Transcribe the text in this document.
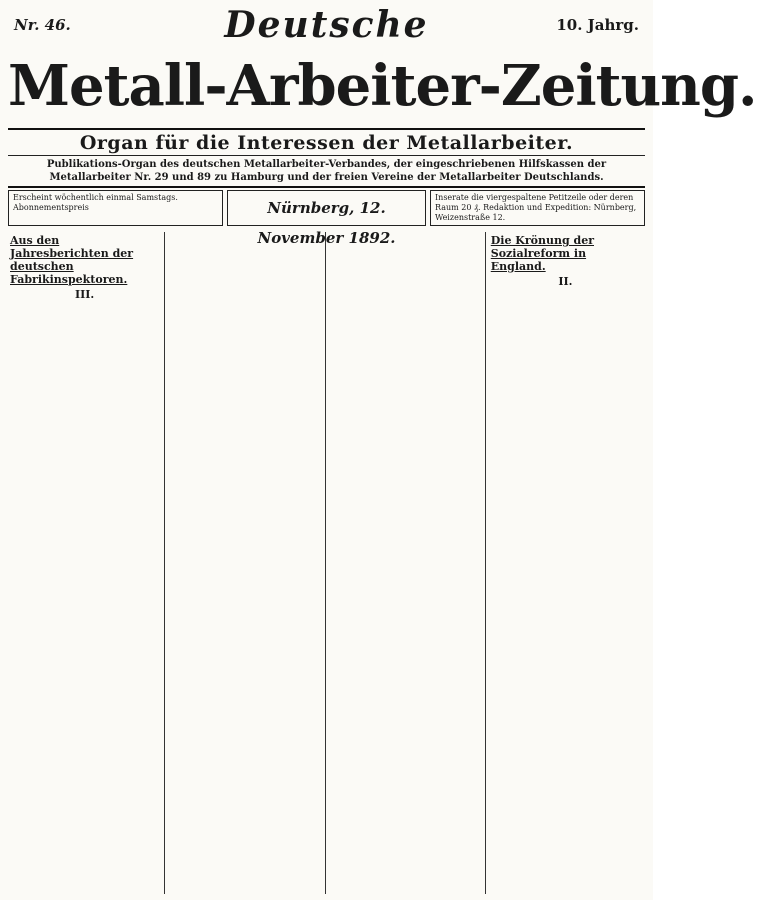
Nr. 46.	10. Jahrg.
Deutsche
Metall-Arbeiter-Zeitung.
Organ für die Interessen der Metallarbeiter.
Publikations-Organ des deutschen Metallarbeiter-Verbandes, der eingeschriebenen Hilfskassen der Metallarbeiter Nr. 29 und 89 zu Hamburg und der freien Vereine der Metallarbeiter Deutschlands.
Erscheint wöchentlich einmal Samstags. Abonnementspreis	Nürnberg, 12. November 1892.
Inserate die viergespaltene Petitzeile oder deren Raum 20 ₰. Redaktion und Expedition: Nürnberg, Weizenstraße 12.
Aus den Jahresberichten der deutschen Fabrikinspektoren.
III.
Die Krönung der Sozialreform in England.
II.
